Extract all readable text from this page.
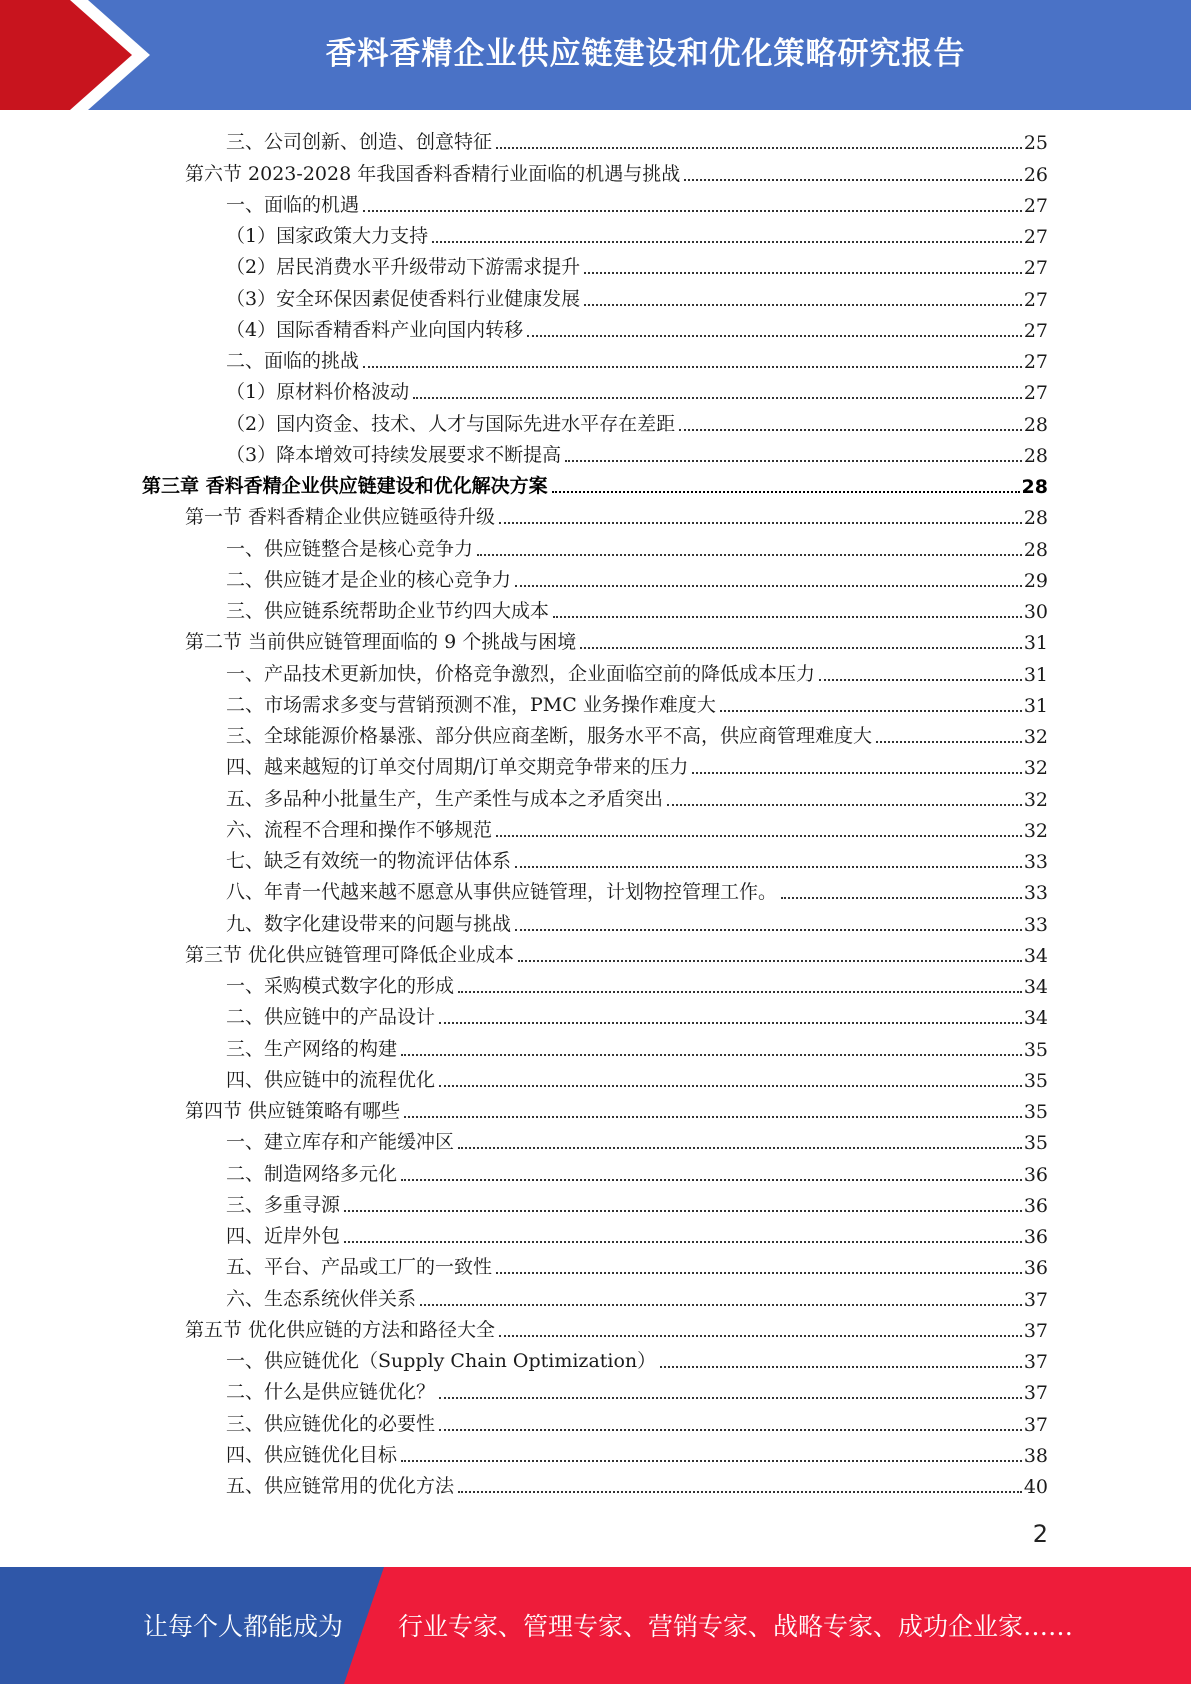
香料香精企业供应链建设和优化策略研究报告
三、公司创新、创造、创意特征	25
第六节 2023-2028 年我国香料香精行业面临的机遇与挑战	26
一、面临的机遇	27
（1）国家政策大力支持	27
（2）居民消费水平升级带动下游需求提升	27
（3）安全环保因素促使香料行业健康发展	27
（4）国际香精香料产业向国内转移	27
二、面临的挑战	27
（1）原材料价格波动	27
（2）国内资金、技术、人才与国际先进水平存在差距	28
（3）降本增效可持续发展要求不断提高	28
第三章 香料香精企业供应链建设和优化解决方案	28
第一节 香料香精企业供应链亟待升级	28
一、供应链整合是核心竞争力	28
二、供应链才是企业的核心竞争力	29
三、供应链系统帮助企业节约四大成本	30
第二节 当前供应链管理面临的 9 个挑战与困境	31
一、产品技术更新加快，价格竞争激烈，企业面临空前的降低成本压力	31
二、市场需求多变与营销预测不准，PMC 业务操作难度大	31
三、全球能源价格暴涨、部分供应商垄断，服务水平不高，供应商管理难度大	32
四、越来越短的订单交付周期/订单交期竞争带来的压力	32
五、多品种小批量生产，生产柔性与成本之矛盾突出	32
六、流程不合理和操作不够规范	32
七、缺乏有效统一的物流评估体系	33
八、年青一代越来越不愿意从事供应链管理，计划物控管理工作。	33
九、数字化建设带来的问题与挑战	33
第三节 优化供应链管理可降低企业成本	34
一、采购模式数字化的形成	34
二、供应链中的产品设计	34
三、生产网络的构建	35
四、供应链中的流程优化	35
第四节 供应链策略有哪些	35
一、建立库存和产能缓冲区	35
二、制造网络多元化	36
三、多重寻源	36
四、近岸外包	36
五、平台、产品或工厂的一致性	36
六、生态系统伙伴关系	37
第五节 优化供应链的方法和路径大全	37
一、供应链优化（Supply Chain Optimization）	37
二、什么是供应链优化？	37
三、供应链优化的必要性	37
四、供应链优化目标	38
五、供应链常用的优化方法	40
2
让每个人都能成为 行业专家、管理专家、营销专家、战略专家、成功企业家……
